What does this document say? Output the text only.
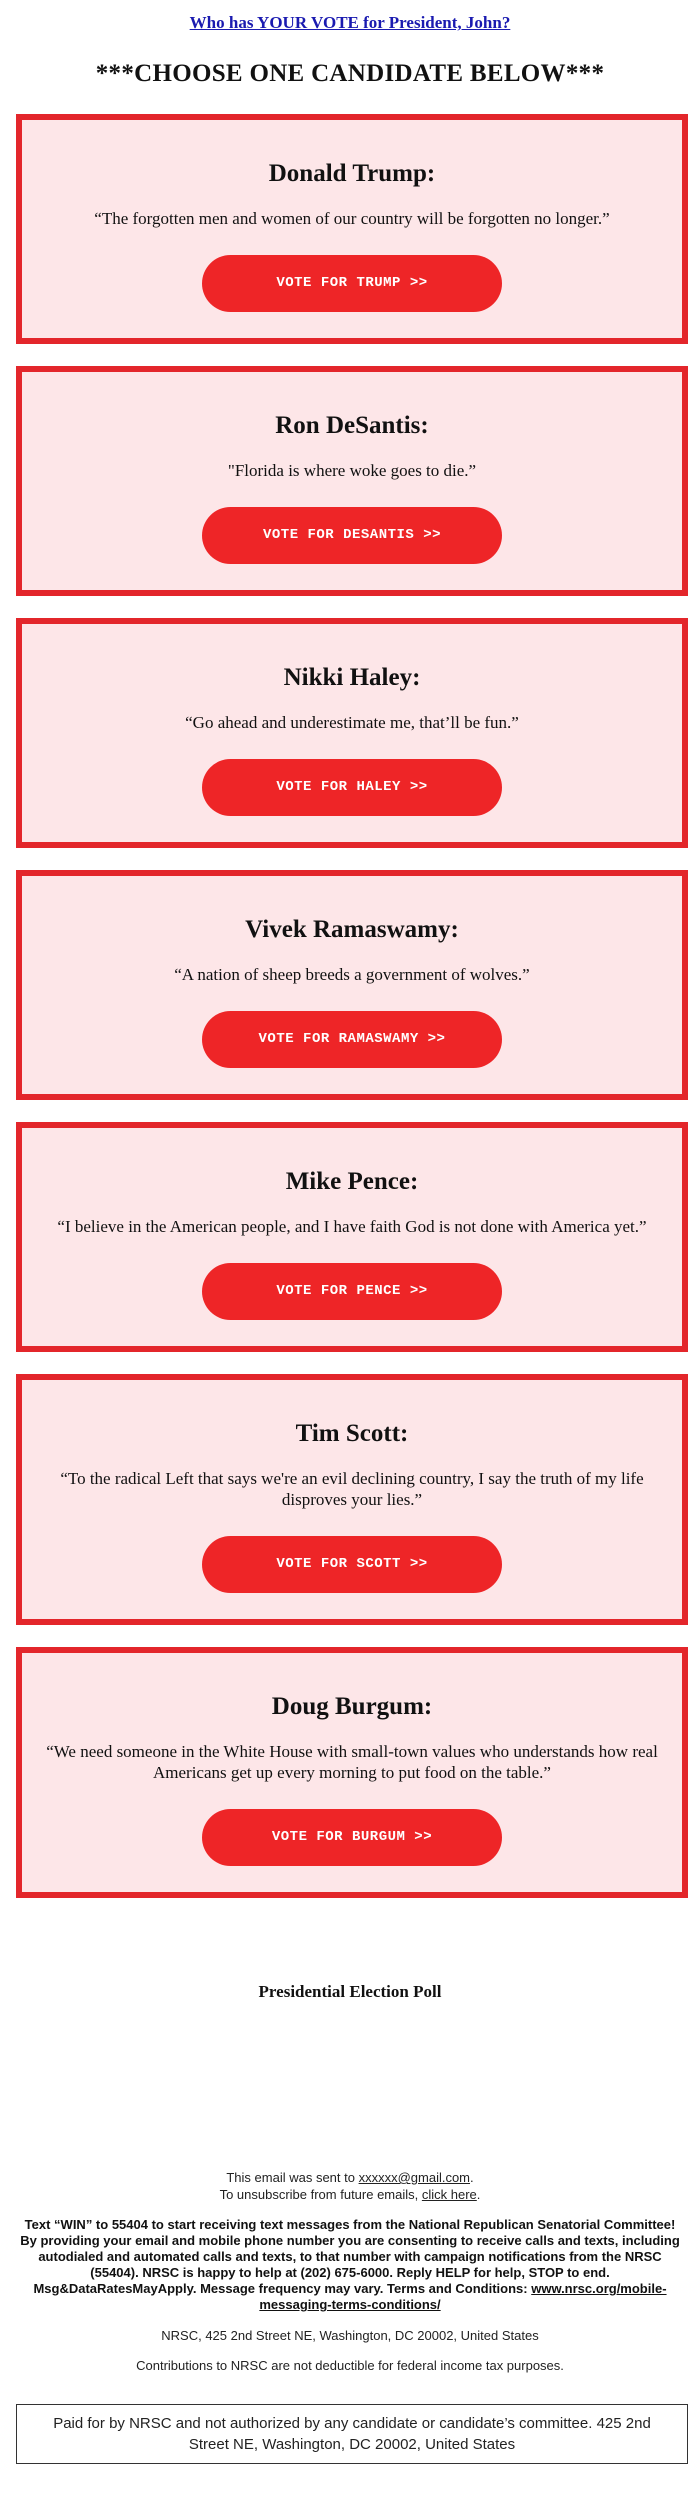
Who has YOUR VOTE for President, John?
***CHOOSE ONE CANDIDATE BELOW***
Donald Trump:

“The forgotten men and women of our country will be forgotten no longer.”

VOTE FOR TRUMP >>
Ron DeSantis:

"Florida is where woke goes to die.”

VOTE FOR DESANTIS >>
Nikki Haley:

“Go ahead and underestimate me, that’ll be fun.”

VOTE FOR HALEY >>
Vivek Ramaswamy:

“A nation of sheep breeds a government of wolves.”

VOTE FOR RAMASWAMY >>
Mike Pence:

“I believe in the American people, and I have faith God is not done with America yet.”

VOTE FOR PENCE >>
Tim Scott:

“To the radical Left that says we're an evil declining country, I say the truth of my life disproves your lies.”

VOTE FOR SCOTT >>
Doug Burgum:

“We need someone in the White House with small-town values who understands how real Americans get up every morning to put food on the table.”

VOTE FOR BURGUM >>
Presidential Election Poll

This email was sent to xxxxxx@gmail.com.

To unsubscribe from future emails, click here.

Text “WIN” to 55404 to start receiving text messages from the National Republican Senatorial Committee! By providing your email and mobile phone number you are consenting to receive calls and texts, including autodialed and automated calls and texts, to that number with campaign notifications from the NRSC (55404). NRSC is happy to help at (202) 675-6000. Reply HELP for help, STOP to end. Msg&DataRatesMayApply. Message frequency may vary. Terms and Conditions: www.nrsc.org/mobile-messaging-terms-conditions/

NRSC, 425 2nd Street NE, Washington, DC 20002, United States

Contributions to NRSC are not deductible for federal income tax purposes.

Paid for by NRSC and not authorized by any candidate or candidate’s committee. 425 2nd Street NE, Washington, DC 20002, United States
